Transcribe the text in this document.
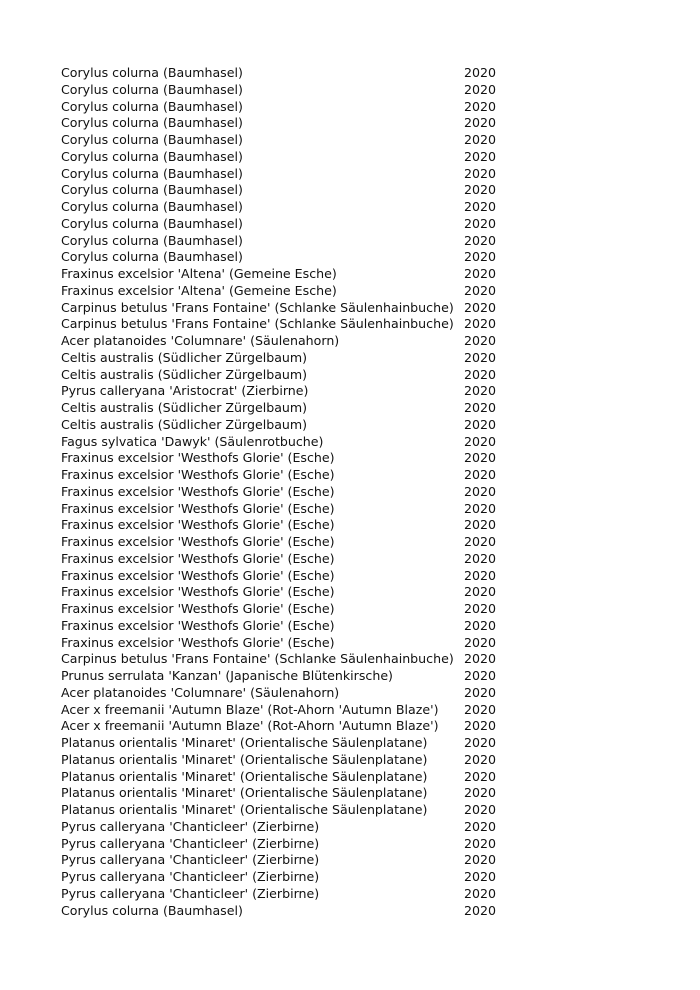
Corylus colurna (Baumhasel)	2020
Corylus colurna (Baumhasel)	2020
Corylus colurna (Baumhasel)	2020
Corylus colurna (Baumhasel)	2020
Corylus colurna (Baumhasel)	2020
Corylus colurna (Baumhasel)	2020
Corylus colurna (Baumhasel)	2020
Corylus colurna (Baumhasel)	2020
Corylus colurna (Baumhasel)	2020
Corylus colurna (Baumhasel)	2020
Corylus colurna (Baumhasel)	2020
Corylus colurna (Baumhasel)	2020
Fraxinus excelsior 'Altena' (Gemeine Esche)	2020
Fraxinus excelsior 'Altena' (Gemeine Esche)	2020
Carpinus betulus 'Frans Fontaine' (Schlanke Säulenhainbuche) 2020
Carpinus betulus 'Frans Fontaine' (Schlanke Säulenhainbuche) 2020
Acer platanoides 'Columnare' (Säulenahorn)	2020
Celtis australis (Südlicher Zürgelbaum)	2020
Celtis australis (Südlicher Zürgelbaum)	2020
Pyrus calleryana 'Aristocrat' (Zierbirne)	2020
Celtis australis (Südlicher Zürgelbaum)	2020
Celtis australis (Südlicher Zürgelbaum)	2020
Fagus sylvatica 'Dawyk' (Säulenrotbuche)	2020
Fraxinus excelsior 'Westhofs Glorie' (Esche)	2020
Fraxinus excelsior 'Westhofs Glorie' (Esche)	2020
Fraxinus excelsior 'Westhofs Glorie' (Esche)	2020
Fraxinus excelsior 'Westhofs Glorie' (Esche)	2020
Fraxinus excelsior 'Westhofs Glorie' (Esche)	2020
Fraxinus excelsior 'Westhofs Glorie' (Esche)	2020
Fraxinus excelsior 'Westhofs Glorie' (Esche)	2020
Fraxinus excelsior 'Westhofs Glorie' (Esche)	2020
Fraxinus excelsior 'Westhofs Glorie' (Esche)	2020
Fraxinus excelsior 'Westhofs Glorie' (Esche)	2020
Fraxinus excelsior 'Westhofs Glorie' (Esche)	2020
Fraxinus excelsior 'Westhofs Glorie' (Esche)	2020
Carpinus betulus 'Frans Fontaine' (Schlanke Säulenhainbuche) 2020
Prunus serrulata 'Kanzan' (Japanische Blütenkirsche)	2020
Acer platanoides 'Columnare' (Säulenahorn)	2020
Acer x freemanii 'Autumn Blaze' (Rot-Ahorn 'Autumn Blaze') 2020
Acer x freemanii 'Autumn Blaze' (Rot-Ahorn 'Autumn Blaze') 2020
Platanus orientalis 'Minaret' (Orientalische Säulenplatane)	2020
Platanus orientalis 'Minaret' (Orientalische Säulenplatane)	2020
Platanus orientalis 'Minaret' (Orientalische Säulenplatane)	2020
Platanus orientalis 'Minaret' (Orientalische Säulenplatane)	2020
Platanus orientalis 'Minaret' (Orientalische Säulenplatane)	2020
Pyrus calleryana 'Chanticleer' (Zierbirne)	2020
Pyrus calleryana 'Chanticleer' (Zierbirne)	2020
Pyrus calleryana 'Chanticleer' (Zierbirne)	2020
Pyrus calleryana 'Chanticleer' (Zierbirne)	2020
Pyrus calleryana 'Chanticleer' (Zierbirne)	2020
Corylus colurna (Baumhasel)	2020
